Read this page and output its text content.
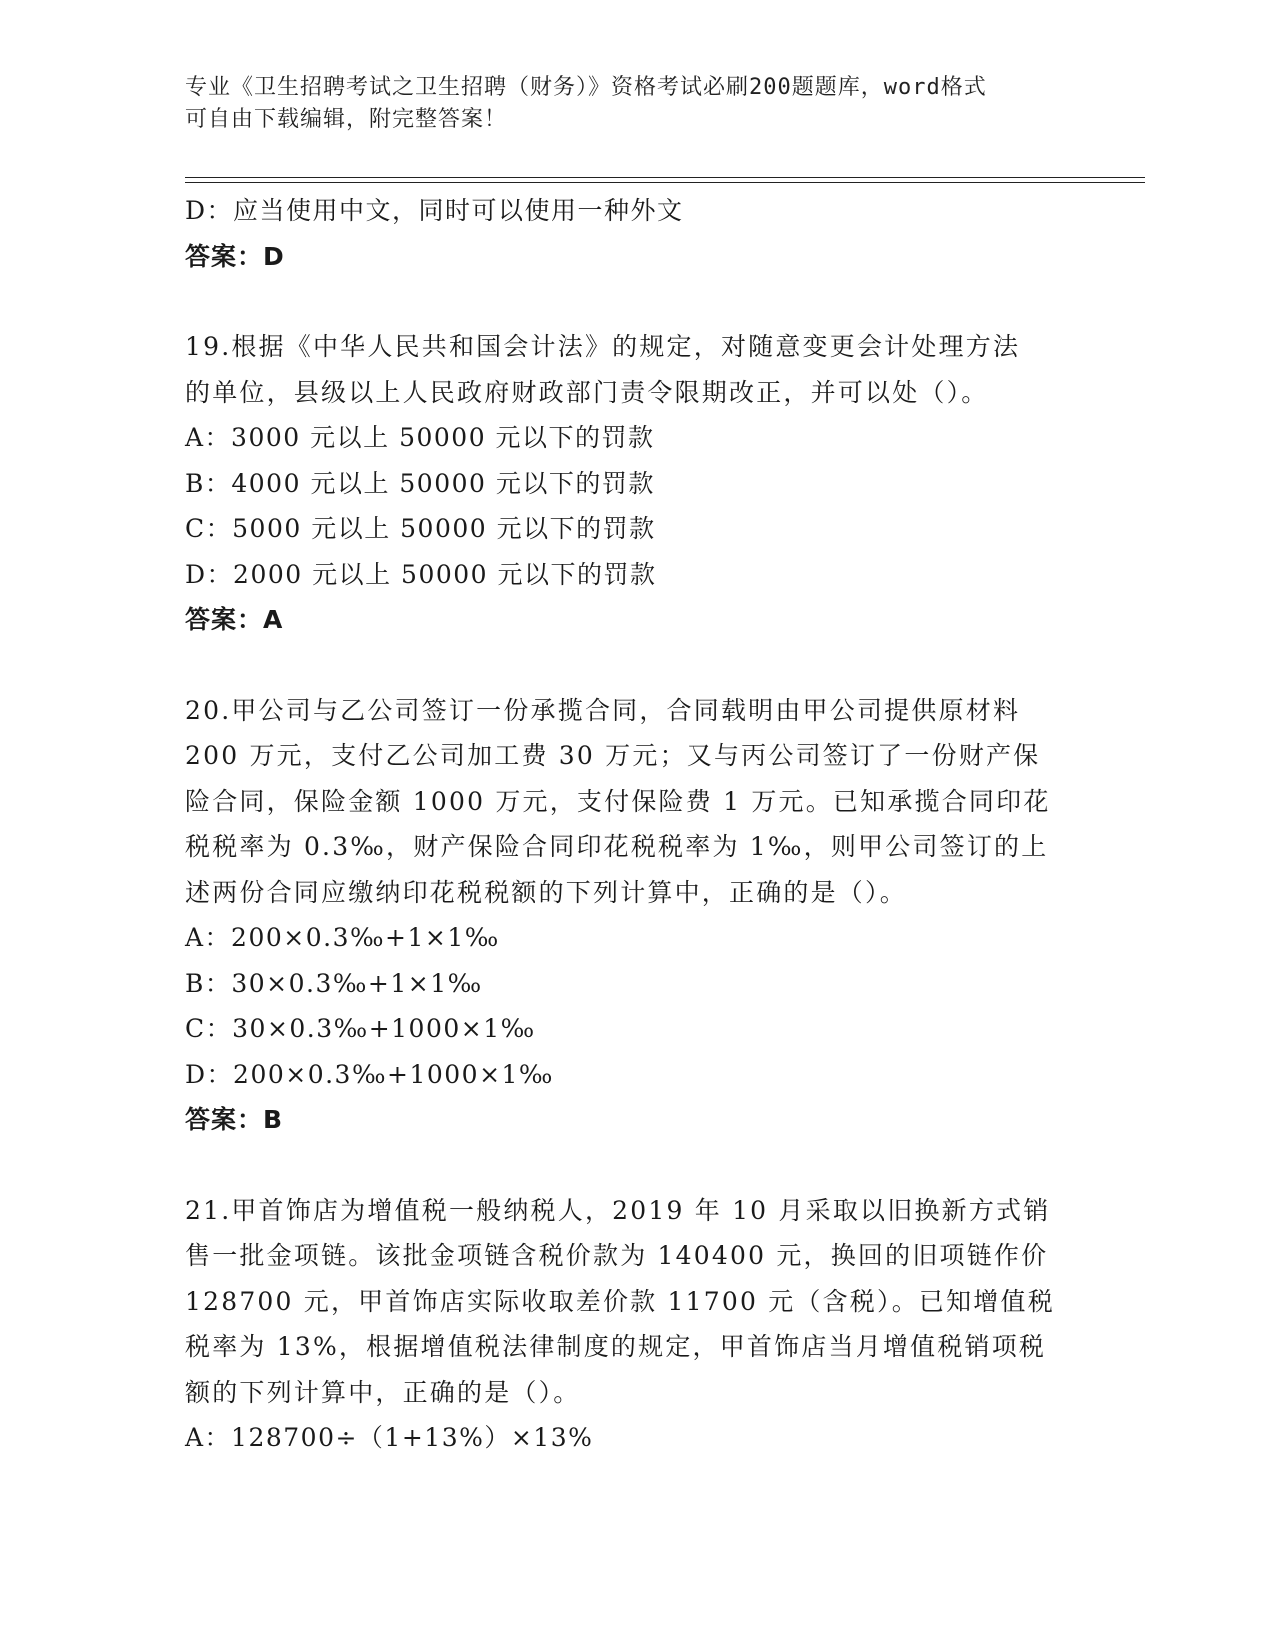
专业《卫生招聘考试之卫生招聘（财务）》资格考试必刷200题题库，word格式
可自由下载编辑，附完整答案！

D：应当使用中文，同时可以使用一种外文

答案：D

19.根据《中华人民共和国会计法》的规定，对随意变更会计处理方法

的单位，县级以上人民政府财政部门责令限期改正，并可以处（）。

A：3000 元以上 50000 元以下的罚款

B：4000 元以上 50000 元以下的罚款

C：5000 元以上 50000 元以下的罚款

D：2000 元以上 50000 元以下的罚款

答案：A

20.甲公司与乙公司签订一份承揽合同，合同载明由甲公司提供原材料

200 万元，支付乙公司加工费 30 万元；又与丙公司签订了一份财产保

险合同，保险金额 1000 万元，支付保险费 1 万元。已知承揽合同印花

税税率为 0.3‰，财产保险合同印花税税率为 1‰，则甲公司签订的上

述两份合同应缴纳印花税税额的下列计算中，正确的是（）。

A：200×0.3‰+1×1‰

B：30×0.3‰+1×1‰

C：30×0.3‰+1000×1‰

D：200×0.3‰+1000×1‰

答案：B

21.甲首饰店为增值税一般纳税人，2019 年 10 月采取以旧换新方式销

售一批金项链。该批金项链含税价款为 140400 元，换回的旧项链作价

128700 元，甲首饰店实际收取差价款 11700 元（含税）。已知增值税

税率为 13%，根据增值税法律制度的规定，甲首饰店当月增值税销项税

额的下列计算中，正确的是（）。

A：128700÷（1+13%）×13%
